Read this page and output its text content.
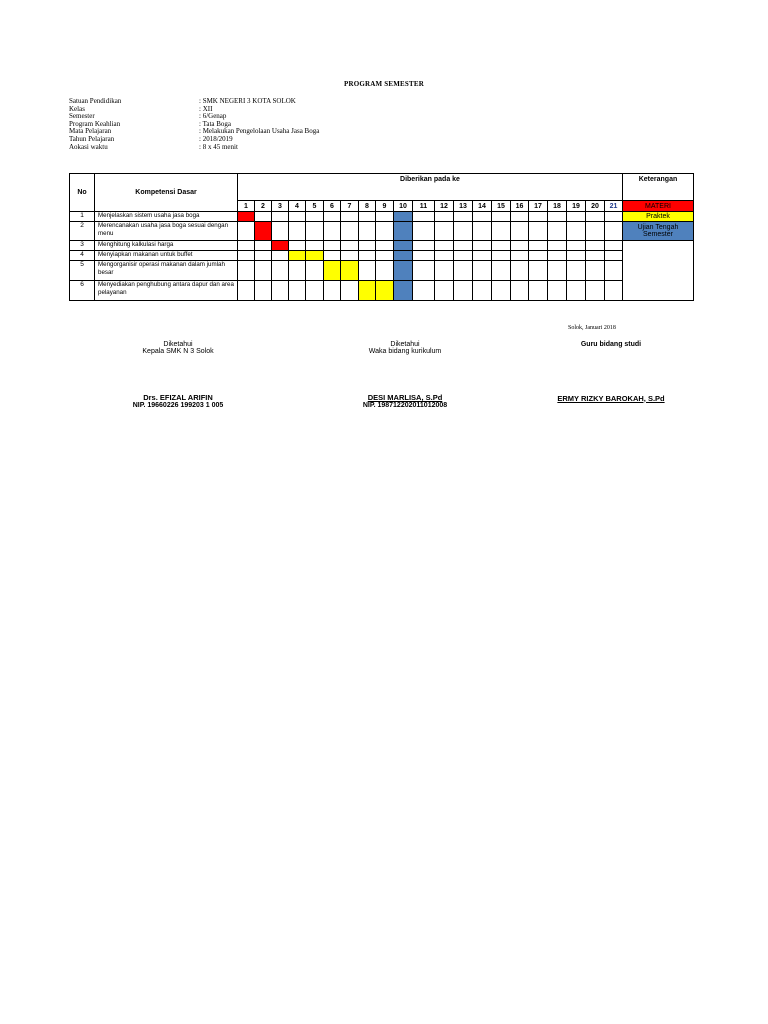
PROGRAM SEMESTER
Satuan Pendidikan	: SMK NEGERI 3 KOTA SOLOK
Kelas	: XII
Semester	: 6/Genap
Program Keahlian	: Tata Boga
Mata Pelajaran	: Melakukan Pengelolaan Usaha Jasa Boga
Tahun Pelajaran	: 2018/2019
Aokasi waktu	: 8 x 45 menit
No	Kompetensi Dasar	Diberikan pada ke																					Keterangan
		1	2	3	4	5	6	7	8	9	10	11	12	13	14	15	16	17	18	19	20	21	MATERI
1	Menjelaskan sistem usaha jasa boga																						Praktek
2	Merencanakan usaha jasa boga sesuai dengan menu																						Ujian Tengah Semester
3	Menghitung kalkulasi harga																						
4	Menyiapkan makanan untuk buffet																						
5	Mengorganisir operasi makanan dalam jumlah besar																						
6	Menyediakan penghubung antara dapur dan area pelayanan																						
Solok, Januari 2018
Diketahui
Kepala SMK N 3 Solok
Drs. EFIZAL ARIFIN
NIP. 19660226 199203 1 005
Diketahui
Waka bidang kurikulum
DESI MARLISA, S.Pd
NIP. 198712202011012008
Guru bidang studi
ERMY RIZKY BAROKAH, S.Pd
